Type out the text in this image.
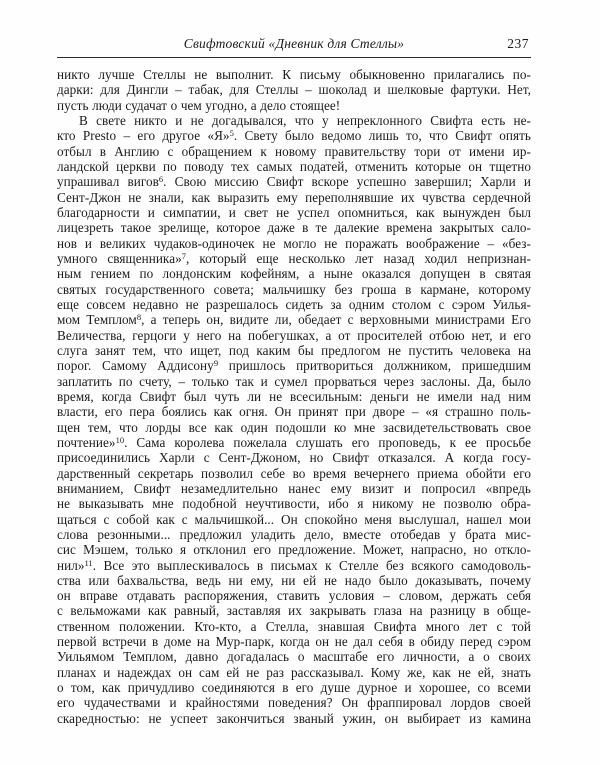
Свифтовский «Дневник для Стеллы»	237
никто лучше Стеллы не выполнит. К письму обыкновенно прилагались по-
дарки: для Дингли – табак, для Стеллы – шоколад и шелковые фартуки. Нет,
пусть люди судачат о чем угодно, а дело стоящее!
В свете никто и не догадывался, что у непреклонного Свифта есть не-
кто Presto – его другое «Я»$^5$. Свету было ведомо лишь то, что Свифт опять
отбыл в Англию с обращением к новому правительству тори от имени ир-
ландской церкви по поводу тех самых податей, отменить которые он тщетно
упрашивал вигов$^6$. Свою миссию Свифт вскоре успешно завершил; Харли и
Сент-Джон не знали, как выразить ему переполнявшие их чувства сердечной
благодарности и симпатии, и свет не успел опомниться, как вынужден был
лицезреть такое зрелище, которое даже в те далекие времена закрытых сало-
нов и великих чудаков-одиночек не могло не поражать воображение – «без-
умного священника»$^7$, который еще несколько лет назад ходил непризнан-
ным гением по лондонским кофейням, а ныне оказался допущен в святая
святых государственного совета; мальчишку без гроша в кармане, которому
еще совсем недавно не разрешалось сидеть за одним столом с сэром Уилья-
мом Темплом$^8$, а теперь он, видите ли, обедает с верховными министрами Его
Величества, герцоги у него на побегушках, а от просителей отбою нет, и его
слуга занят тем, что ищет, под каким бы предлогом не пустить человека на
порог. Самому Аддисону$^9$ пришлось притвориться должником, пришедшим
заплатить по счету, – только так и сумел прорваться через заслоны. Да, было
время, когда Свифт был чуть ли не всесильным: деньги не имели над ним
власти, его пера боялись как огня. Он принят при дворе – «я страшно поль-
щен тем, что лорды все как один подошли ко мне засвидетельствовать свое
почтение»$^{10}$. Сама королева пожелала слушать его проповедь, к ее просьбе
присоединились Харли с Сент-Джоном, но Свифт отказался. А когда госу-
дарственный секретарь позволил себе во время вечернего приема обойти его
вниманием, Свифт незамедлительно нанес ему визит и попросил «впредь
не выказывать мне подобной неучтивости, ибо я никому не позволю обра-
щаться с собой как с мальчишкой... Он спокойно меня выслушал, нашел мои
слова резонными... предложил уладить дело, вместе отобедав у брата мис-
сис Мэшем, только я отклонил его предложение. Может, напрасно, но откло-
нил»$^{11}$. Все это выплескивалось в письмах к Стелле без всякого самодоволь-
ства или бахвальства, ведь ни ему, ни ей не надо было доказывать, почему
он вправе отдавать распоряжения, ставить условия – словом, держать себя
с вельможами как равный, заставляя их закрывать глаза на разницу в обще-
ственном положении. Кто-кто, а Стелла, знавшая Свифта много лет с той
первой встречи в доме на Мур-парк, когда он не дал себя в обиду перед сэром
Уильямом Темплом, давно догадалась о масштабе его личности, а о своих
планах и надеждах он сам ей не раз рассказывал. Кому же, как не ей, знать
о том, как причудливо соединяются в его душе дурное и хорошее, со всеми
его чудачествами и крайностями поведения? Он фраппировал лордов своей
скаредностью: не успеет закончиться званый ужин, он выбирает из камина
